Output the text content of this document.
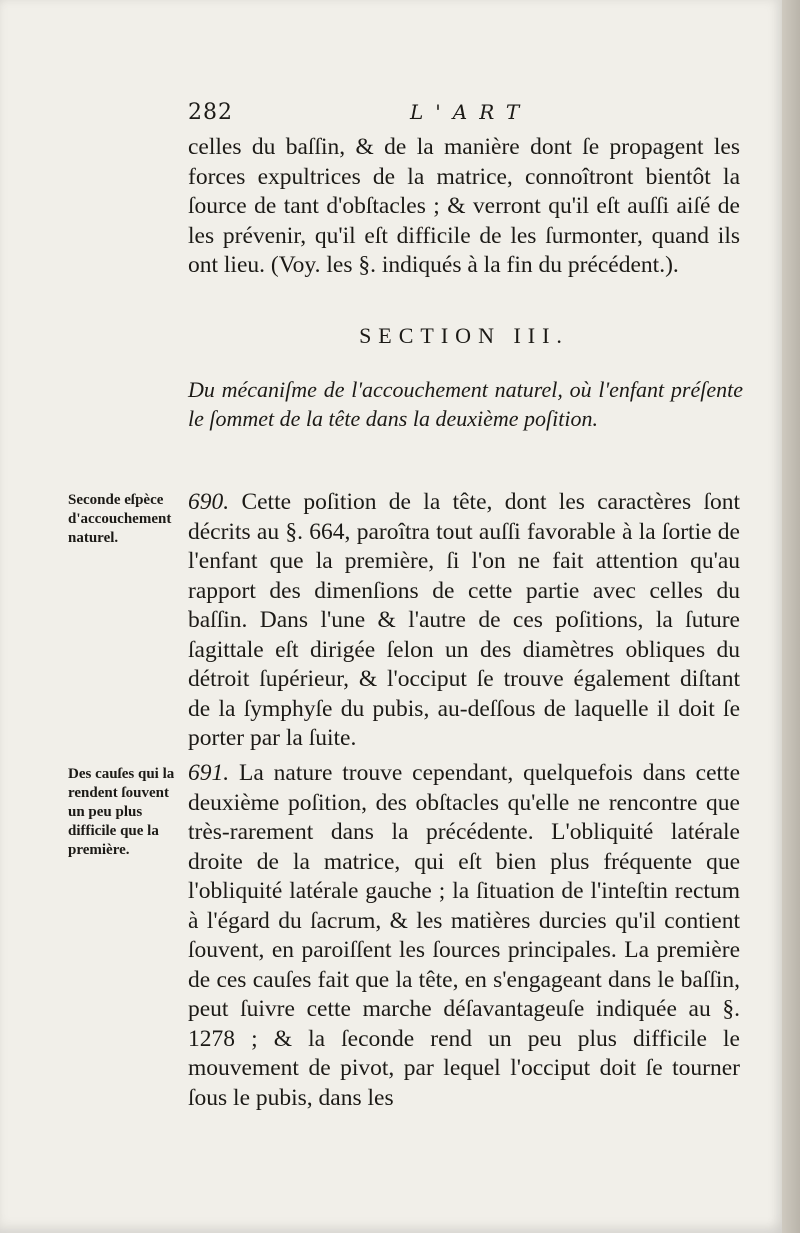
282	L'ART

celles du baſſin, & de la manière dont ſe propagent les forces expultrices de la matrice, connoîtront bientôt la ſource de tant d'obſtacles ; & verront qu'il eſt auſſi aiſé de les prévenir, qu'il eſt difficile de les ſurmonter, quand ils ont lieu. (Voy. les §. indiqués à la fin du précédent.).

SECTION III.
Du mécaniſme de l'accouchement naturel, où l'enfant préſente le ſommet de la tête dans la deuxième poſition.
Seconde eſpèce d'accouchement naturel.

690. Cette poſition de la tête, dont les caractères ſont décrits au §. 664, paroîtra tout auſſi favorable à la ſortie de l'enfant que la première, ſi l'on ne fait attention qu'au rapport des dimenſions de cette partie avec celles du baſſin. Dans l'une & l'autre de ces poſitions, la ſuture ſagittale eſt dirigée ſelon un des diamètres obliques du détroit ſupérieur, & l'occiput ſe trouve également diſtant de la ſymphyſe du pubis, au-deſſous de laquelle il doit ſe porter par la ſuite.

Des cauſes qui la rendent ſouvent un peu plus difficile que la première.

691. La nature trouve cependant, quelquefois dans cette deuxième poſition, des obſtacles qu'elle ne rencontre que très-rarement dans la précédente. L'obliquité latérale droite de la matrice, qui eſt bien plus fréquente que l'obliquité latérale gauche ; la ſituation de l'inteſtin rectum à l'égard du ſacrum, & les matières durcies qu'il contient ſouvent, en paroiſſent les ſources principales. La première de ces cauſes fait que la tête, en s'engageant dans le baſſin, peut ſuivre cette marche déſavantageuſe indiquée au §. 1278 ; & la ſeconde rend un peu plus difficile le mouvement de pivot, par lequel l'occiput doit ſe tourner ſous le pubis, dans les
